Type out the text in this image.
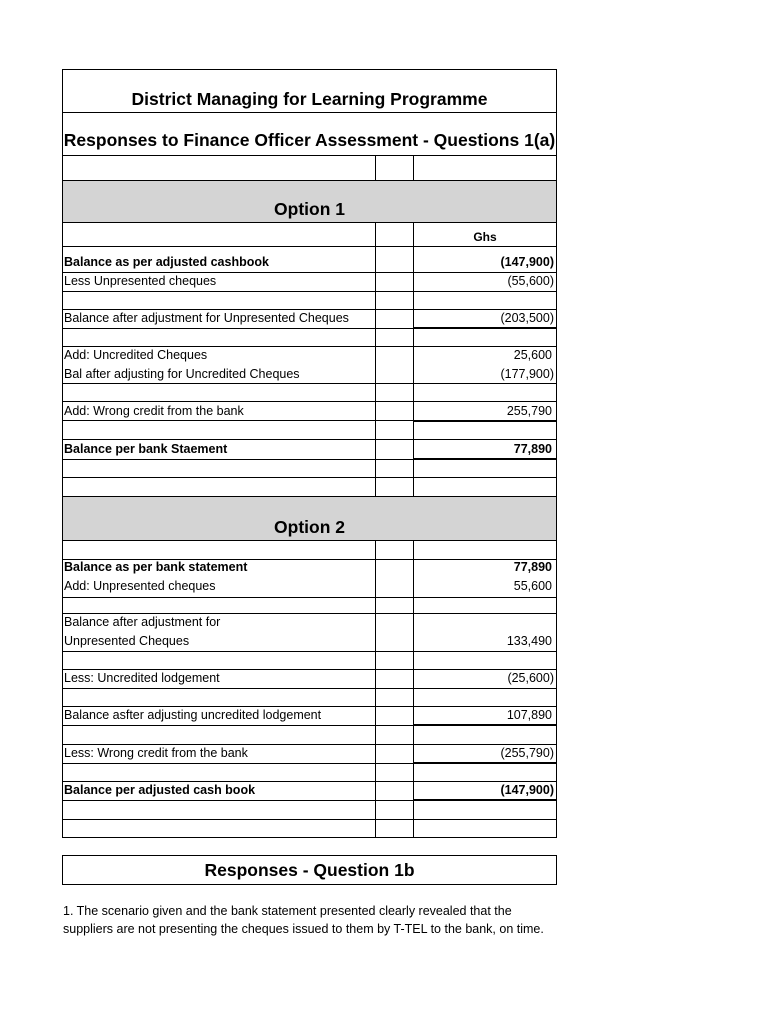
District Managing for Learning Programme
Responses to Finance Officer Assessment - Questions 1(a)
Option 1
Ghs
Balance as per adjusted cashbook	(147,900)
Less Unpresented cheques	(55,600)
Balance after adjustment for Unpresented Cheques	(203,500)
Add: Uncredited Cheques	25,600
Bal after adjusting for Uncredited Cheques	(177,900)
Add: Wrong credit from the bank	255,790
Balance per bank Staement	77,890
Option 2
Balance as per bank statement	77,890
Add: Unpresented cheques	55,600
Balance after adjustment for
Unpresented Cheques	133,490
Less: Uncredited lodgement	(25,600)
Balance asfter adjusting uncredited lodgement	107,890
Less: Wrong credit from the bank	(255,790)
Balance per adjusted cash book	(147,900)
Responses - Question 1b
1. The scenario given and the bank statement presented clearly revealed that the suppliers are not presenting the cheques issued to them by T-TEL to the bank, on time.
